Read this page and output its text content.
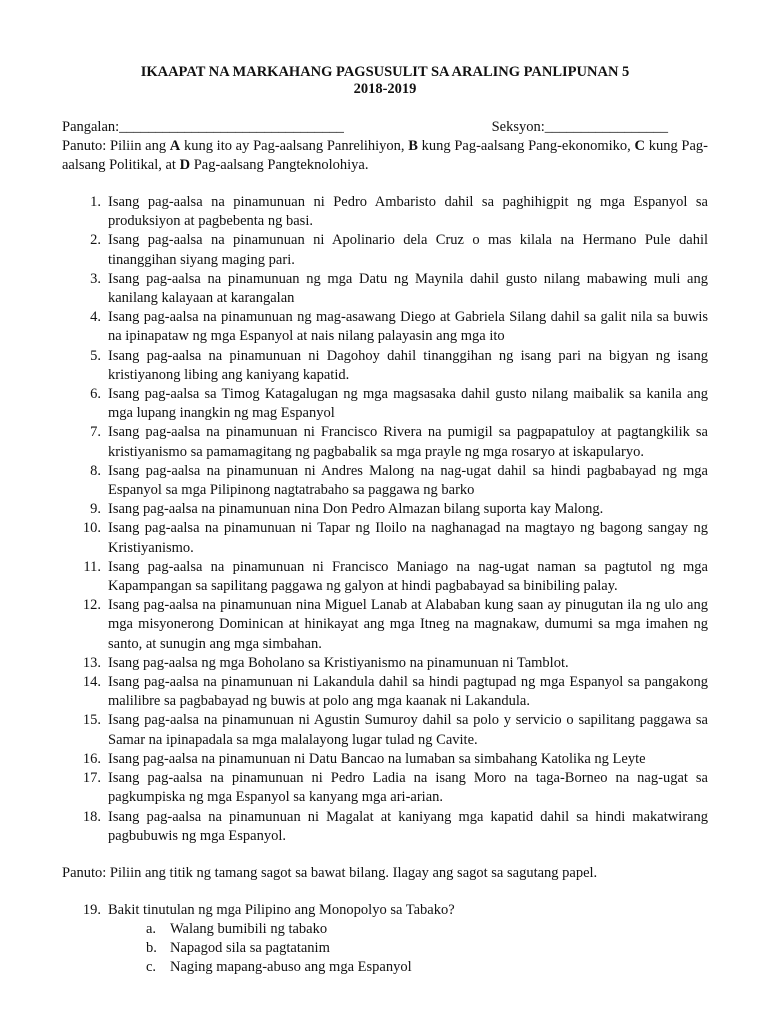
IKAAPAT NA MARKAHANG PAGSUSULIT SA ARALING PANLIPUNAN 5

2018-2019

Pangalan:_______________________________	Seksyon:_________________

Panuto: Piliin ang A kung ito ay Pag-aalsang Panrelihiyon, B kung Pag-aalsang Pang-ekonomiko, C kung Pag-aalsang Politikal, at D Pag-aalsang Pangteknolohiya.

1. Isang pag-aalsa na pinamunuan ni Pedro Ambaristo dahil sa paghihigpit ng mga Espanyol sa produksiyon at pagbebenta ng basi.
2. Isang pag-aalsa na pinamunuan ni Apolinario dela Cruz o mas kilala na Hermano Pule dahil tinanggihan siyang maging pari.
3. Isang pag-aalsa na pinamunuan ng mga Datu ng Maynila dahil gusto nilang mabawing muli ang kanilang kalayaan at karangalan
4. Isang pag-aalsa na pinamunuan ng mag-asawang Diego at Gabriela Silang dahil sa galit nila sa buwis na ipinapataw ng mga Espanyol at nais nilang palayasin ang mga ito
5. Isang pag-aalsa na pinamunuan ni Dagohoy dahil tinanggihan ng isang pari na bigyan ng isang kristiyanong libing ang kaniyang kapatid.
6. Isang pag-aalsa sa Timog Katagalugan ng mga magsasaka dahil gusto nilang maibalik sa kanila ang mga lupang inangkin ng mag Espanyol
7. Isang pag-aalsa na pinamunuan ni Francisco Rivera na pumigil sa pagpapatuloy at pagtangkilik sa kristiyanismo sa pamamagitang ng pagbabalik sa mga prayle ng mga rosaryo at iskapularyo.
8. Isang pag-aalsa na pinamunuan ni Andres Malong na nag-ugat dahil sa hindi pagbabayad ng mga Espanyol sa mga Pilipinong nagtatrabaho sa paggawa ng barko
9. Isang pag-aalsa na pinamunuan nina Don Pedro Almazan bilang suporta kay Malong.
10. Isang pag-aalsa na pinamunuan ni Tapar ng Iloilo na naghanagad na magtayo ng bagong sangay ng Kristiyanismo.
11. Isang pag-aalsa na pinamunuan ni Francisco Maniago na nag-ugat naman sa pagtutol ng mga Kapampangan sa sapilitang paggawa ng galyon at hindi pagbabayad sa binibiling palay.
12. Isang pag-aalsa na pinamunuan nina Miguel Lanab at Alababan kung saan ay pinugutan ila ng ulo ang mga misyonerong Dominican at hinikayat ang mga Itneg na magnakaw, dumumi sa mga imahen ng santo, at sunugin ang mga simbahan.
13. Isang pag-aalsa ng mga Boholano sa Kristiyanismo na pinamunuan ni Tamblot.
14. Isang pag-aalsa na pinamunuan ni Lakandula dahil sa hindi pagtupad ng mga Espanyol sa pangakong malilibre sa pagbabayad ng buwis at polo ang mga kaanak ni Lakandula.
15. Isang pag-aalsa na pinamunuan ni Agustin Sumuroy dahil sa polo y servicio o sapilitang paggawa sa Samar na ipinapadala sa mga malalayong lugar tulad ng Cavite.
16. Isang pag-aalsa na pinamunuan ni Datu Bancao na lumaban sa simbahang Katolika ng Leyte
17. Isang pag-aalsa na pinamunuan ni Pedro Ladia na isang Moro na taga-Borneo na nag-ugat sa pagkumpiska ng mga Espanyol sa kanyang mga ari-arian.
18. Isang pag-aalsa na pinamunuan ni Magalat at kaniyang mga kapatid dahil sa hindi makatwirang pagbubuwis ng mga Espanyol.

Panuto: Piliin ang titik ng tamang sagot sa bawat bilang. Ilagay ang sagot sa sagutang papel.

19. Bakit tinutulan ng mga Pilipino ang Monopolyo sa Tabako?
a. Walang bumibili ng tabako
b. Napagod sila sa pagtatanim
c. Naging mapang-abuso ang mga Espanyol
